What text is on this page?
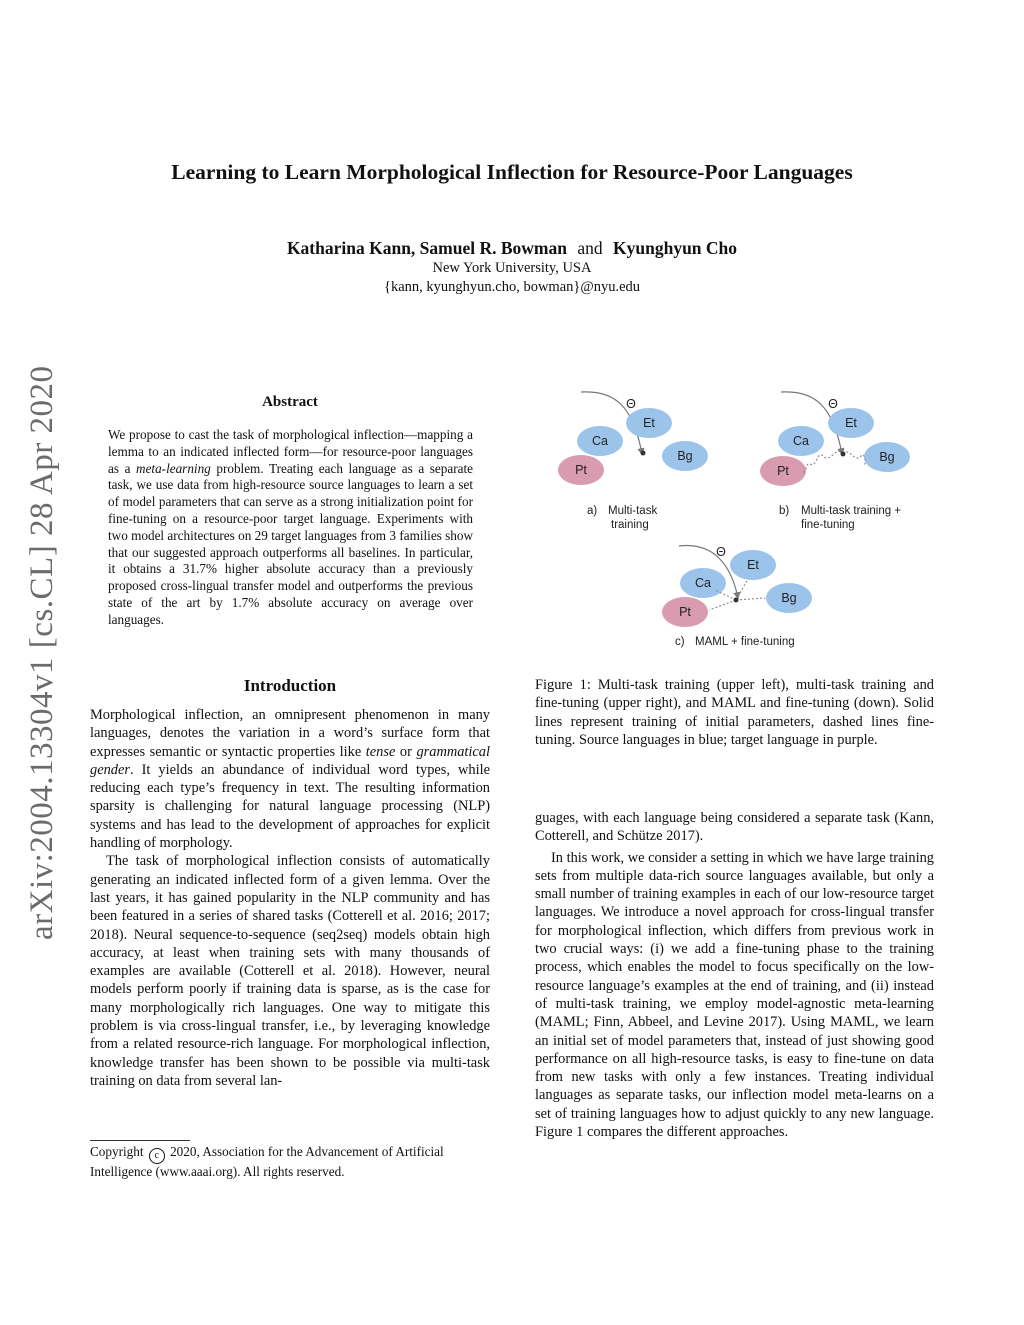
Learning to Learn Morphological Inflection for Resource-Poor Languages
Katharina Kann, Samuel R. Bowman and Kyunghyun Cho
New York University, USA
{kann, kyunghyun.cho, bowman}@nyu.edu
arXiv:2004.13304v1 [cs.CL] 28 Apr 2020	Abstract
We propose to cast the task of morphological inflection—mapping a lemma to an indicated inflected form—for resource-poor languages as a meta-learning problem. Treating each language as a separate task, we use data from high-resource source languages to learn a set of model parameters that can serve as a strong initialization point for fine-tuning on a resource-poor target language. Experiments with two model architectures on 29 target languages from 3 families show that our suggested approach outperforms all baselines. In particular, it obtains a 31.7% higher absolute accuracy than a previously proposed cross-lingual transfer model and outperforms the previous state of the art by 1.7% absolute accuracy on average over languages.
Introduction

Morphological inflection, an omnipresent phenomenon in many languages, denotes the variation in a word’s surface form that expresses semantic or syntactic properties like tense or grammatical gender. It yields an abundance of individual word types, while reducing each type’s frequency in text. The resulting information sparsity is challenging for natural language processing (NLP) systems and has lead to the development of approaches for explicit handling of morphology.

The task of morphological inflection consists of automatically generating an indicated inflected form of a given lemma. Over the last years, it has gained popularity in the NLP community and has been featured in a series of shared tasks (Cotterell et al. 2016; 2017; 2018). Neural sequence-to-sequence (seq2seq) models obtain high accuracy, at least when training sets with many thousands of examples are available (Cotterell et al. 2018). However, neural models perform poorly if training data is sparse, as is the case for many morphologically rich languages. One way to mitigate this problem is via cross-lingual transfer, i.e., by leveraging knowledge from a related resource-rich language. For morphological inflection, knowledge transfer has been shown to be possible via multi-task training on data from several lan-

Copyright c 2020, Association for the Advancement of Artificial Intelligence (www.aaai.org). All rights reserved.
Θ
Ca
Et
Bg
Pt
a) Multi-task
training
Θ
Ca
Et
Bg
Pt
b) Multi-task training +
fine-tuning
Θ
Ca
Et
Bg
Pt
c) MAML + fine-tuning
Figure 1: Multi-task training (upper left), multi-task training and fine-tuning (upper right), and MAML and fine-tuning (down). Solid lines represent training of initial parameters, dashed lines fine-tuning. Source languages in blue; target language in purple.

guages, with each language being considered a separate task (Kann, Cotterell, and Schütze 2017).

In this work, we consider a setting in which we have large training sets from multiple data-rich source languages available, but only a small number of training examples in each of our low-resource target languages. We introduce a novel approach for cross-lingual transfer for morphological inflection, which differs from previous work in two crucial ways: (i) we add a fine-tuning phase to the training process, which enables the model to focus specifically on the low-resource language’s examples at the end of training, and (ii) instead of multi-task training, we employ model-agnostic meta-learning (MAML; Finn, Abbeel, and Levine 2017). Using MAML, we learn an initial set of model parameters that, instead of just showing good performance on all high-resource tasks, is easy to fine-tune on data from new tasks with only a few instances. Treating individual languages as separate tasks, our inflection model meta-learns on a set of training languages how to adjust quickly to any new language. Figure 1 compares the different approaches.
